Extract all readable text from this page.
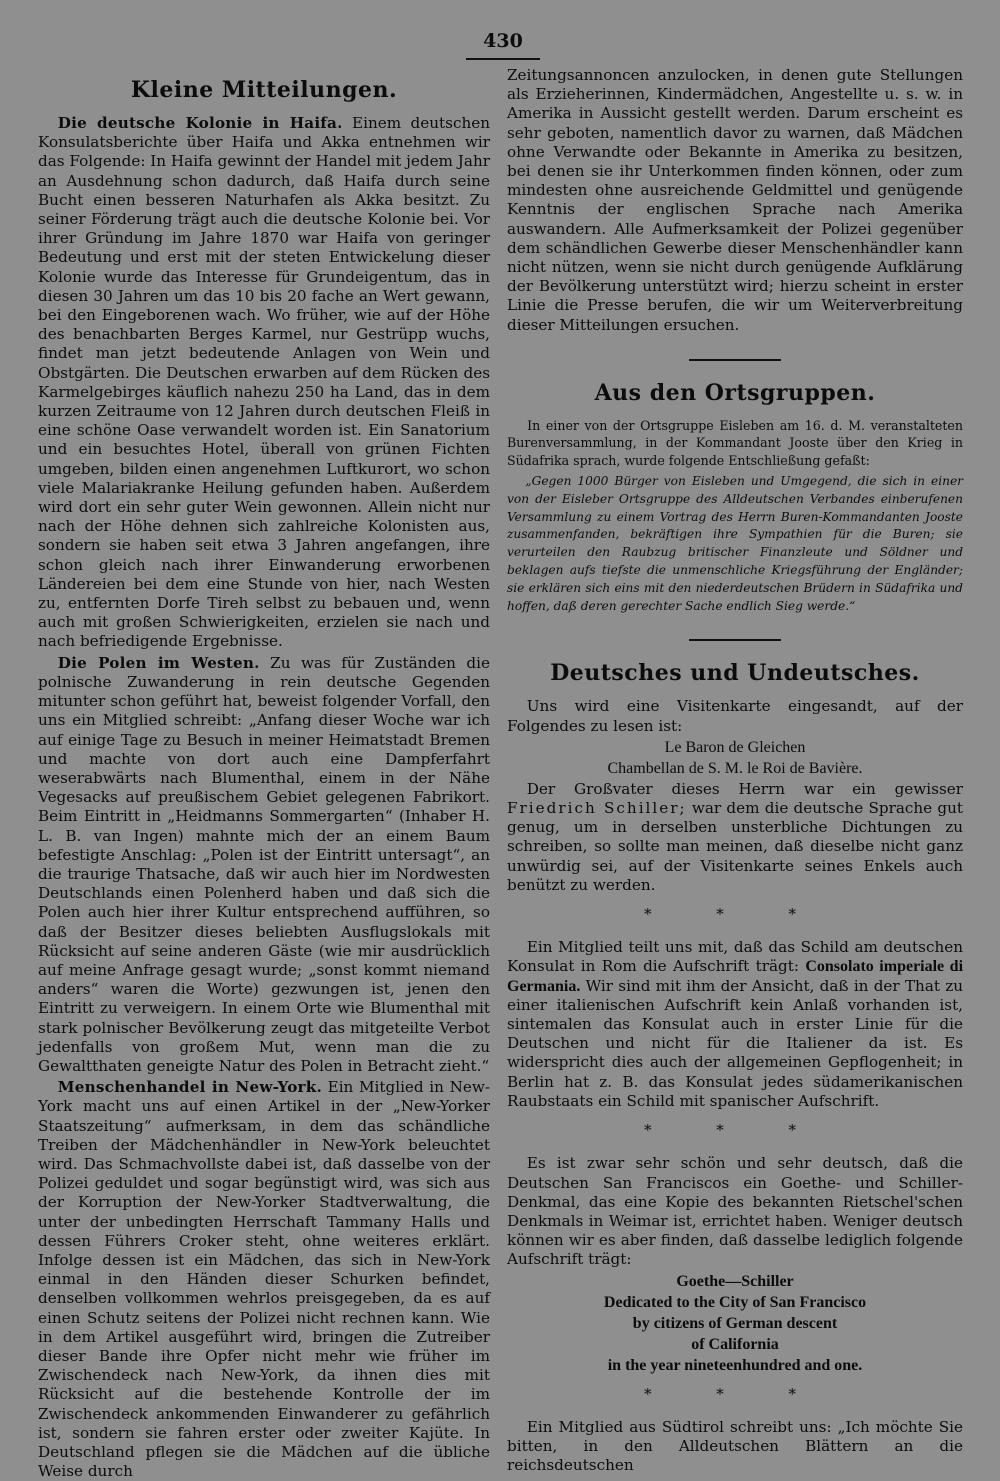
430
Kleine Mitteilungen.

Die deutsche Kolonie in Haifa. Einem deutschen Konsulatsberichte über Haifa und Akka entnehmen wir das Folgende: In Haifa gewinnt der Handel mit jedem Jahr an Ausdehnung schon dadurch, daß Haifa durch seine Bucht einen besseren Naturhafen als Akka besitzt. Zu seiner Förderung trägt auch die deutsche Kolonie bei. Vor ihrer Gründung im Jahre 1870 war Haifa von geringer Bedeutung und erst mit der steten Entwickelung dieser Kolonie wurde das Interesse für Grundeigentum, das in diesen 30 Jahren um das 10 bis 20 fache an Wert gewann, bei den Eingeborenen wach. Wo früher, wie auf der Höhe des benachbarten Berges Karmel, nur Gestrüpp wuchs, findet man jetzt bedeutende Anlagen von Wein und Obstgärten. Die Deutschen erwarben auf dem Rücken des Karmelgebirges käuflich nahezu 250 ha Land, das in dem kurzen Zeitraume von 12 Jahren durch deutschen Fleiß in eine schöne Oase verwandelt worden ist. Ein Sanatorium und ein besuchtes Hotel, überall von grünen Fichten umgeben, bilden einen angenehmen Luftkurort, wo schon viele Malariakranke Heilung gefunden haben. Außerdem wird dort ein sehr guter Wein gewonnen. Allein nicht nur nach der Höhe dehnen sich zahlreiche Kolonisten aus, sondern sie haben seit etwa 3 Jahren angefangen, ihre schon gleich nach ihrer Einwanderung erworbenen Ländereien bei dem eine Stunde von hier, nach Westen zu, entfernten Dorfe Tireh selbst zu bebauen und, wenn auch mit großen Schwierigkeiten, erzielen sie nach und nach befriedigende Ergebnisse.

Die Polen im Westen. Zu was für Zuständen die polnische Zuwanderung in rein deutsche Gegenden mitunter schon geführt hat, beweist folgender Vorfall, den uns ein Mitglied schreibt: „Anfang dieser Woche war ich auf einige Tage zu Besuch in meiner Heimatstadt Bremen und machte von dort auch eine Dampferfahrt weserabwärts nach Blumenthal, einem in der Nähe Vegesacks auf preußischem Gebiet gelegenen Fabrikort. Beim Eintritt in „Heidmanns Sommergarten“ (Inhaber H. L. B. van Ingen) mahnte mich der an einem Baum befestigte Anschlag: „Polen ist der Eintritt untersagt“, an die traurige Thatsache, daß wir auch hier im Nordwesten Deutschlands einen Polenherd haben und daß sich die Polen auch hier ihrer Kultur entsprechend aufführen, so daß der Besitzer dieses beliebten Ausflugslokals mit Rücksicht auf seine anderen Gäste (wie mir ausdrücklich auf meine Anfrage gesagt wurde; „sonst kommt niemand anders“ waren die Worte) gezwungen ist, jenen den Eintritt zu verweigern. In einem Orte wie Blumenthal mit stark polnischer Bevölkerung zeugt das mitgeteilte Verbot jedenfalls von großem Mut, wenn man die zu Gewaltthaten geneigte Natur des Polen in Betracht zieht.“

Menschenhandel in New-York. Ein Mitglied in New-York macht uns auf einen Artikel in der „New-Yorker Staatszeitung“ aufmerksam, in dem das schändliche Treiben der Mädchenhändler in New-York beleuchtet wird. Das Schmachvollste dabei ist, daß dasselbe von der Polizei geduldet und sogar begünstigt wird, was sich aus der Korruption der New-Yorker Stadtverwaltung, die unter der unbedingten Herrschaft Tammany Halls und dessen Führers Croker steht, ohne weiteres erklärt. Infolge dessen ist ein Mädchen, das sich in New-York einmal in den Händen dieser Schurken befindet, denselben vollkommen wehrlos preisgegeben, da es auf einen Schutz seitens der Polizei nicht rechnen kann. Wie in dem Artikel ausgeführt wird, bringen die Zutreiber dieser Bande ihre Opfer nicht mehr wie früher im Zwischendeck nach New-York, da ihnen dies mit Rücksicht auf die bestehende Kontrolle der im Zwischendeck ankommenden Einwanderer zu gefährlich ist, sondern sie fahren erster oder zweiter Kajüte. In Deutschland pflegen sie die Mädchen auf die übliche Weise durch

Zeitungsannoncen anzulocken, in denen gute Stellungen als Erzieherinnen, Kindermädchen, Angestellte u. s. w. in Amerika in Aussicht gestellt werden. Darum erscheint es sehr geboten, namentlich davor zu warnen, daß Mädchen ohne Verwandte oder Bekannte in Amerika zu besitzen, bei denen sie ihr Unterkommen finden können, oder zum mindesten ohne ausreichende Geldmittel und genügende Kenntnis der englischen Sprache nach Amerika auswandern. Alle Aufmerksamkeit der Polizei gegenüber dem schändlichen Gewerbe dieser Menschenhändler kann nicht nützen, wenn sie nicht durch genügende Aufklärung der Bevölkerung unterstützt wird; hierzu scheint in erster Linie die Presse berufen, die wir um Weiterverbreitung dieser Mitteilungen ersuchen.

Aus den Ortsgruppen.

In einer von der Ortsgruppe Eisleben am 16. d. M. veranstalteten Burenversammlung, in der Kommandant Jooste über den Krieg in Südafrika sprach, wurde folgende Entschließung gefaßt:

„Gegen 1000 Bürger von Eisleben und Umgegend, die sich in einer von der Eisleber Ortsgruppe des Alldeutschen Verbandes einberufenen Versammlung zu einem Vortrag des Herrn Buren-Kommandanten Jooste zusammenfanden, bekräftigen ihre Sympathien für die Buren; sie verurteilen den Raubzug britischer Finanzleute und Söldner und beklagen aufs tiefste die unmenschliche Kriegsführung der Engländer; sie erklären sich eins mit den niederdeutschen Brüdern in Südafrika und hoffen, daß deren gerechter Sache endlich Sieg werde.“

Deutsches und Undeutsches.

Uns wird eine Visitenkarte eingesandt, auf der Folgendes zu lesen ist:

Le Baron de Gleichen

Chambellan de S. M. le Roi de Bavière.

Der Großvater dieses Herrn war ein gewisser Friedrich Schiller; war dem die deutsche Sprache gut genug, um in derselben unsterbliche Dichtungen zu schreiben, so sollte man meinen, daß dieselbe nicht ganz unwürdig sei, auf der Visitenkarte seines Enkels auch benützt zu werden.

* * *

Ein Mitglied teilt uns mit, daß das Schild am deutschen Konsulat in Rom die Aufschrift trägt: Consolato imperiale di Germania. Wir sind mit ihm der Ansicht, daß in der That zu einer italienischen Aufschrift kein Anlaß vorhanden ist, sintemalen das Konsulat auch in erster Linie für die Deutschen und nicht für die Italiener da ist. Es widerspricht dies auch der allgemeinen Gepflogenheit; in Berlin hat z. B. das Konsulat jedes südamerikanischen Raubstaats ein Schild mit spanischer Aufschrift.

* * *

Es ist zwar sehr schön und sehr deutsch, daß die Deutschen San Franciscos ein Goethe- und Schiller-Denkmal, das eine Kopie des bekannten Rietschel'schen Denkmals in Weimar ist, errichtet haben. Weniger deutsch können wir es aber finden, daß dasselbe lediglich folgende Aufschrift trägt:

Goethe—Schiller

Dedicated to the City of San Francisco

by citizens of German descent

of California

in the year nineteenhundred and one.

* * *

Ein Mitglied aus Südtirol schreibt uns: „Ich möchte Sie bitten, in den Alldeutschen Blättern an die reichsdeutschen
